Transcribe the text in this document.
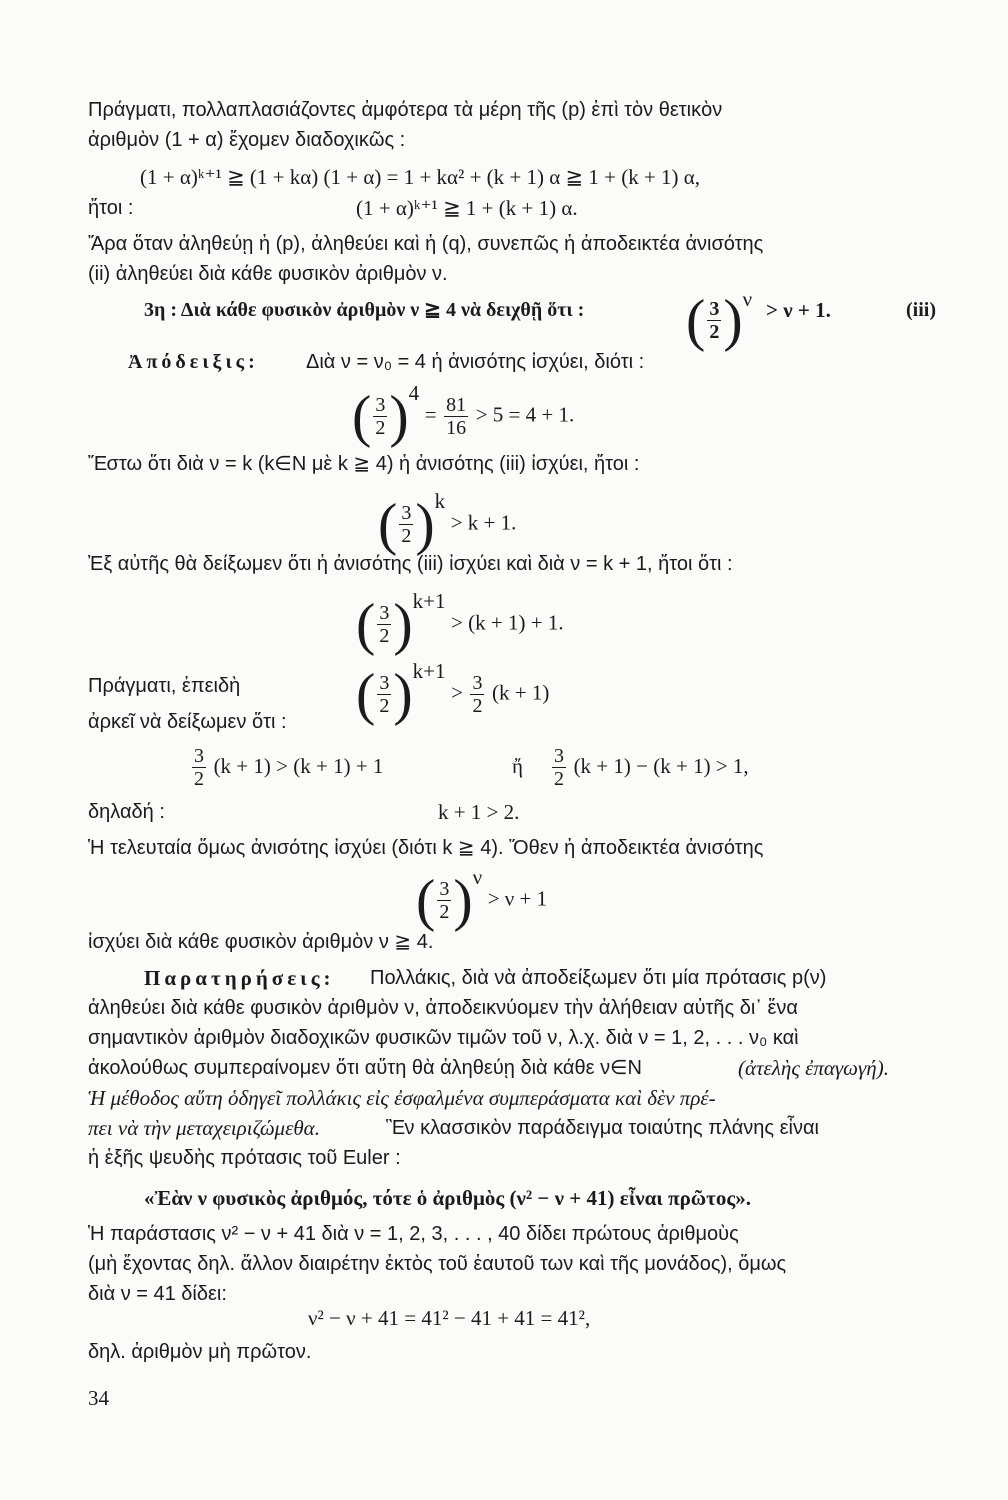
Πράγματι, πολλαπλασιάζοντες ἀμφότερα τὰ μέρη τῆς (p) ἐπὶ τὸν θετικὸν
ἀριθμὸν (1 + α) ἔχομεν διαδοχικῶς :
(1 + α)ᵏ⁺¹ ≧ (1 + kα) (1 + α) = 1 + kα² + (k + 1) α ≧ 1 + (k + 1) α,
ἤτοι :	(1 + α)ᵏ⁺¹ ≧ 1 + (k + 1) α.
Ἄρα ὅταν ἀληθεύῃ ἡ (p), ἀληθεύει καὶ ἡ (q), συνεπῶς ἡ ἀποδεικτέα ἀνισότης
(ii) ἀληθεύει διὰ κάθε φυσικὸν ἀριθμὸν ν.
3η : Διὰ κάθε φυσικὸν ἀριθμὸν ν ≧ 4 νὰ δειχθῇ ὅτι : ( $\frac{3}{2} )^\nu > \nu + 1$.	(iii)
Ἀπόδειξις: Διὰ ν = ν₀ = 4 ἡ ἀνισότης ἰσχύει, διότι :
( $\frac{3}{2} )^4 = \frac{81}{16} > 5 = 4 + 1$.
Ἔστω ὅτι διὰ ν = k (k∈N μὲ k ≧ 4) ἡ ἀνισότης (iii) ἰσχύει, ἤτοι :
( $\frac{3}{2} )^k > k + 1$.
Ἐξ αὐτῆς θὰ δείξωμεν ὅτι ἡ ἀνισότης (iii) ἰσχύει καὶ διὰ ν = k + 1, ἤτοι ὅτι :
( $\frac{3}{2} )^{k+1} > (k + 1) + 1$.
Πράγματι, ἐπειδὴ ( $\frac{3}{2} )^{k+1} > \frac{3}{2} (k + 1)$
ἀρκεῖ νὰ δείξωμεν ὅτι :
$\frac{3}{2} (k + 1) > (k + 1) + 1$	ἤ $\frac{3}{2} (k + 1) - (k + 1) > 1$,
δηλαδή :	k + 1 > 2.
Ἡ τελευταία ὅμως ἀνισότης ἰσχύει (διότι k ≧ 4). Ὅθεν ἡ ἀποδεικτέα ἀνισότης
( $\frac{3}{2} )^\nu > \nu + 1$
ἰσχύει διὰ κάθε φυσικὸν ἀριθμὸν ν ≧ 4.
Παρατηρήσεις: Πολλάκις, διὰ νὰ ἀποδείξωμεν ὅτι μία πρότασις p(ν)
ἀληθεύει διὰ κάθε φυσικὸν ἀριθμὸν ν, ἀποδεικνύομεν τὴν ἀλήθειαν αὐτῆς δι᾽ ἕνα
σημαντικὸν ἀριθμὸν διαδοχικῶν φυσικῶν τιμῶν τοῦ ν, λ.χ. διὰ ν = 1, 2, . . . ν₀ καὶ
ἀκολούθως συμπεραίνομεν ὅτι αὕτη θὰ ἀληθεύῃ διὰ κάθε ν∈N	(ἀτελὴς ἐπαγωγή).
Ἡ μέθοδος αὕτη ὁδηγεῖ πολλάκις εἰς ἐσφαλμένα συμπεράσματα καὶ δὲν πρέ-
πει νὰ τὴν μεταχειριζώμεθα.	Ἓν κλασσικὸν παράδειγμα τοιαύτης πλάνης εἶναι
ἡ ἑξῆς ψευδὴς πρότασις τοῦ Euler :
«Ἐὰν ν φυσικὸς ἀριθμός, τότε ὁ ἀριθμὸς (ν² − ν + 41) εἶναι πρῶτος».
Ἡ παράστασις ν² − ν + 41 διὰ ν = 1, 2, 3, . . . , 40 δίδει πρώτους ἀριθμοὺς
(μὴ ἔχοντας δηλ. ἄλλον διαιρέτην ἐκτὸς τοῦ ἑαυτοῦ των καὶ τῆς μονάδος), ὅμως
διὰ ν = 41 δίδει:
ν² − ν + 41 = 41² − 41 + 41 = 41²,
δηλ. ἀριθμὸν μὴ πρῶτον.
34
